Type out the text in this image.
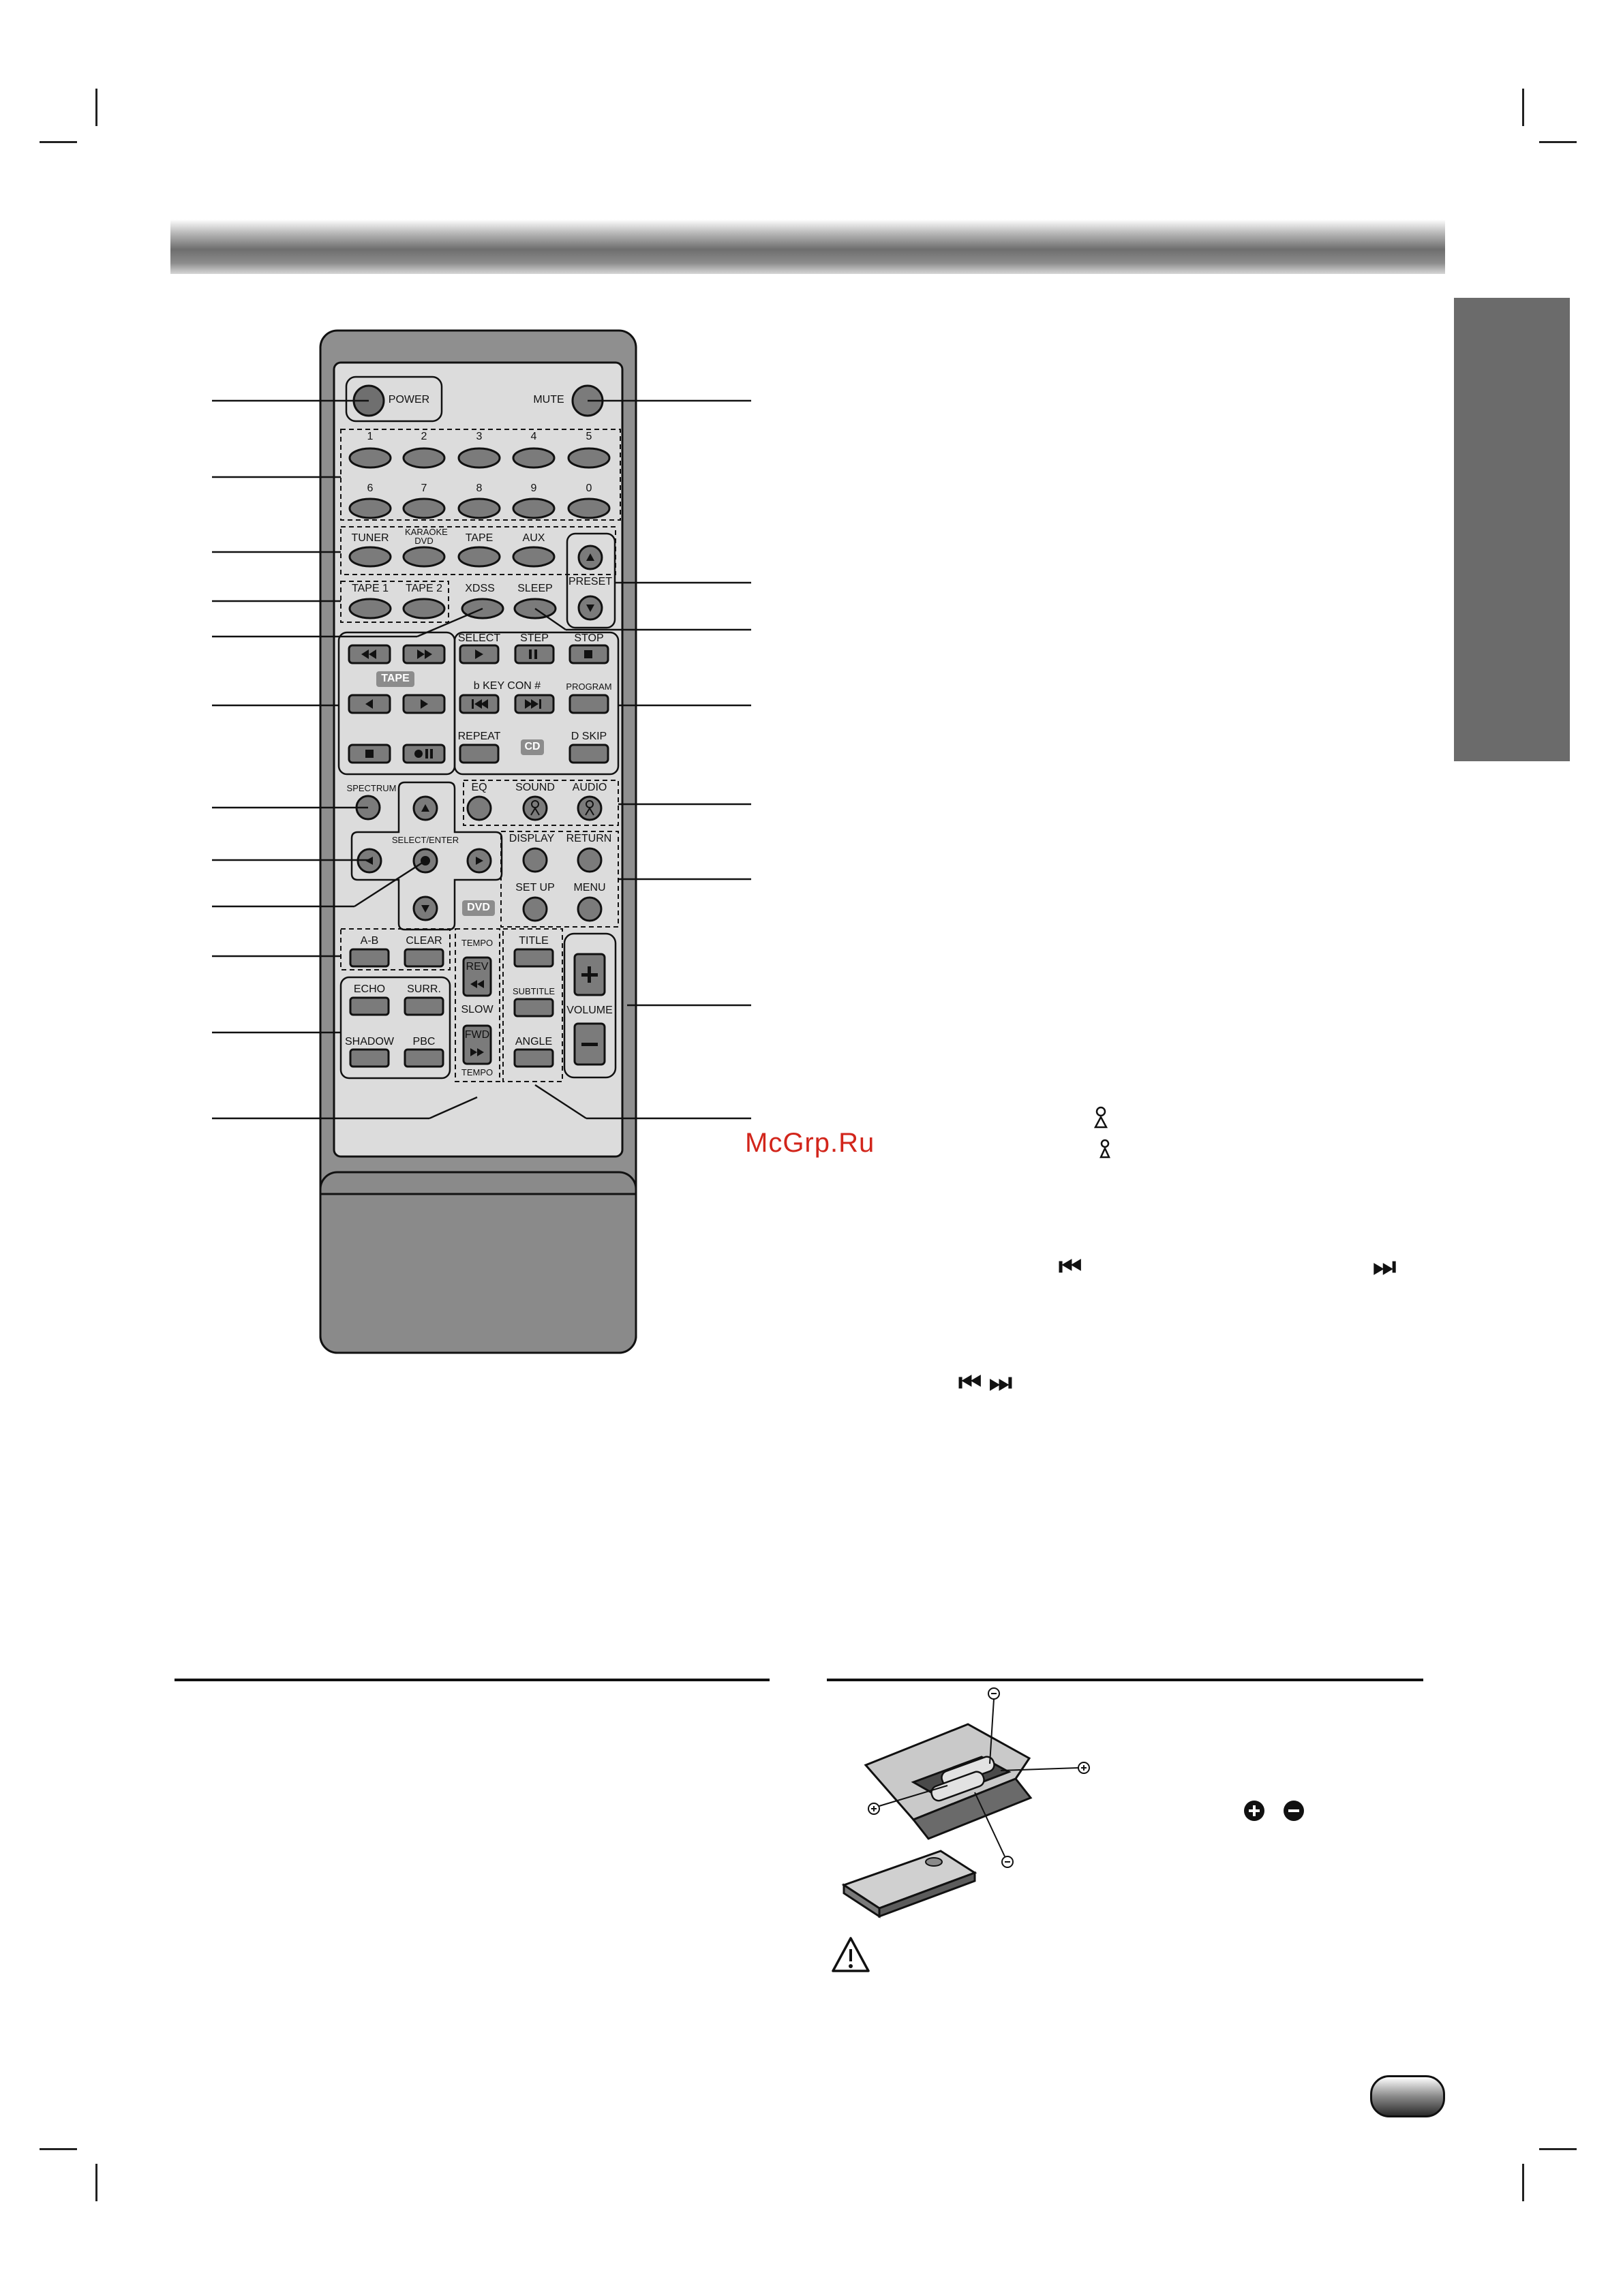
POWER	MUTE
1	2	3	4	5
6	7	8	9	0
TUNER
KARAOKE DVD	TAPE	AUX
PRESET
TAPE 1 TAPE 2 XDSS SLEEP
SELECT STEP STOP
TAPE
b KEY CON #	PROGRAM
REPEAT
CD
D SKIP
SPECTRUM	EQ	SOUND AUDIO
SELECT/ENTER	DISPLAY RETURN
SET UP MENU
DVD
A-B CLEAR TEMPO
REV
TITLE
ECHO SURR.	SUBTITLE
SLOW	VOLUME
SHADOW PBC
FWD
ANGLE
TEMPO
McGrp.Ru
⏮	⏭
⏮ ⏭
